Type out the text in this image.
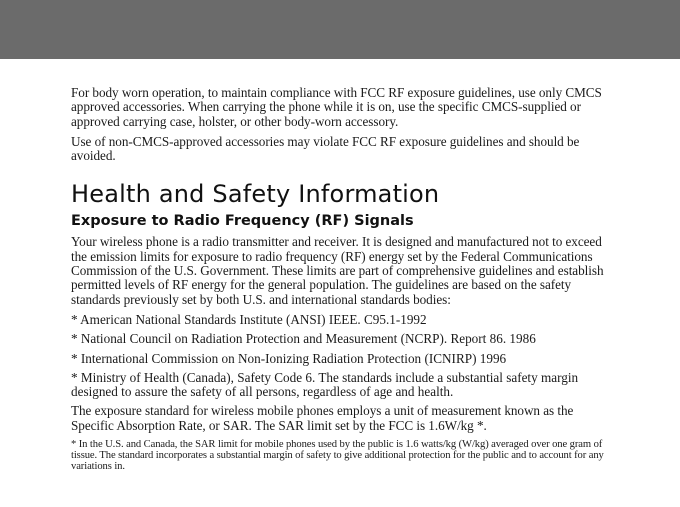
For body worn operation, to maintain compliance with FCC RF exposure guidelines, use only CMCS approved accessories. When carrying the phone while it is on, use the specific CMCS-supplied or approved carrying case, holster, or other body-worn accessory.

Use of non-CMCS-approved accessories may violate FCC RF exposure guidelines and should be avoided.

Health and Safety Information
Exposure to Radio Frequency (RF) Signals

Your wireless phone is a radio transmitter and receiver. It is designed and manufactured not to exceed the emission limits for exposure to radio frequency (RF) energy set by the Federal Communications Commission of the U.S. Government. These limits are part of comprehensive guidelines and establish permitted levels of RF energy for the general population. The guidelines are based on the safety standards previously set by both U.S. and international standards bodies:

* American National Standards Institute (ANSI) IEEE. C95.1-1992
* National Council on Radiation Protection and Measurement (NCRP). Report 86. 1986
* International Commission on Non-Ionizing Radiation Protection (ICNIRP) 1996
* Ministry of Health (Canada), Safety Code 6. The standards include a substantial safety margin designed to assure the safety of all persons, regardless of age and health.

The exposure standard for wireless mobile phones employs a unit of measurement known as the Specific Absorption Rate, or SAR. The SAR limit set by the FCC is 1.6W/kg *.

* In the U.S. and Canada, the SAR limit for mobile phones used by the public is 1.6 watts/kg (W/kg) averaged over one gram of tissue. The standard incorporates a substantial margin of safety to give additional protection for the public and to account for any variations in.
